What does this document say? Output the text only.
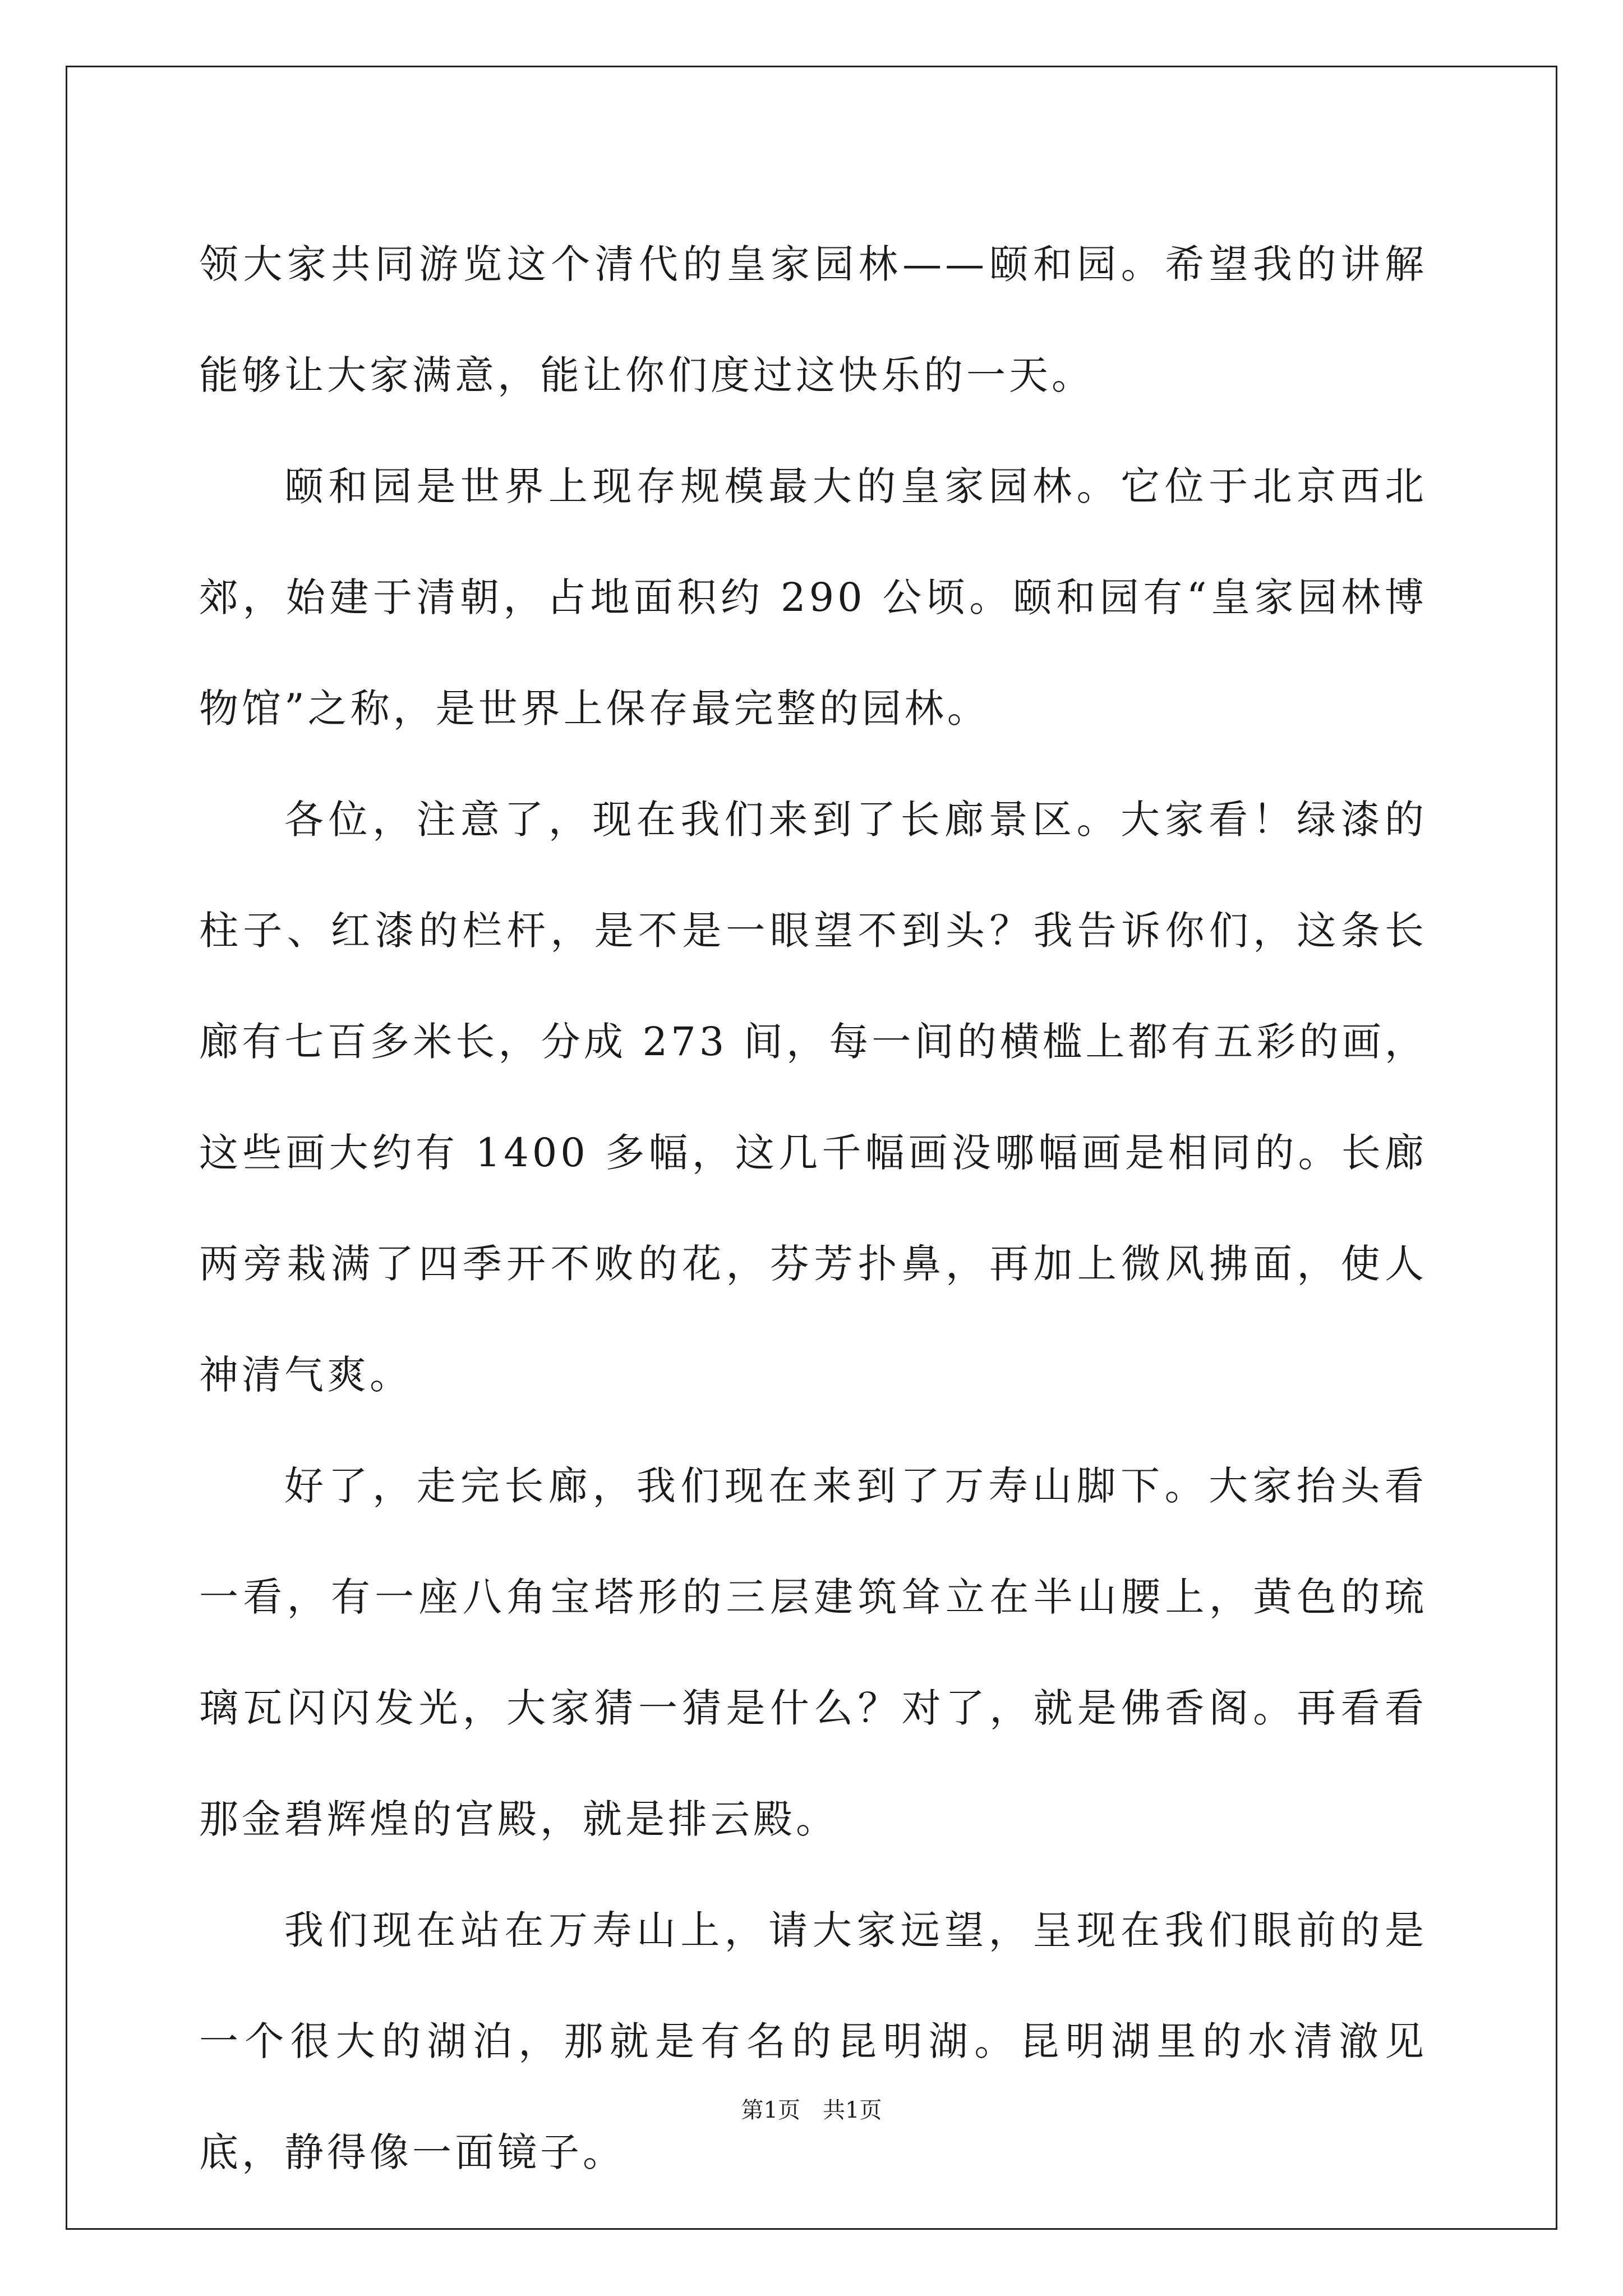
领大家共同游览这个清代的皇家园林——颐和园。希望我的讲解能够让大家满意，能让你们度过这快乐的一天。

颐和园是世界上现存规模最大的皇家园林。它位于北京西北郊，始建于清朝，占地面积约 290 公顷。颐和园有“皇家园林博物馆”之称，是世界上保存最完整的园林。

各位，注意了，现在我们来到了长廊景区。大家看！绿漆的柱子、红漆的栏杆，是不是一眼望不到头？我告诉你们，这条长廊有七百多米长，分成 273 间，每一间的横槛上都有五彩的画，这些画大约有 1400 多幅，这几千幅画没哪幅画是相同的。长廊两旁栽满了四季开不败的花，芬芳扑鼻，再加上微风拂面，使人神清气爽。

好了，走完长廊，我们现在来到了万寿山脚下。大家抬头看一看，有一座八角宝塔形的三层建筑耸立在半山腰上，黄色的琉璃瓦闪闪发光，大家猜一猜是什么？对了，就是佛香阁。再看看那金碧辉煌的宫殿，就是排云殿。

我们现在站在万寿山上，请大家远望，呈现在我们眼前的是一个很大的湖泊，那就是有名的昆明湖。昆明湖里的水清澈见底，静得像一面镜子。

第1页 共1页
